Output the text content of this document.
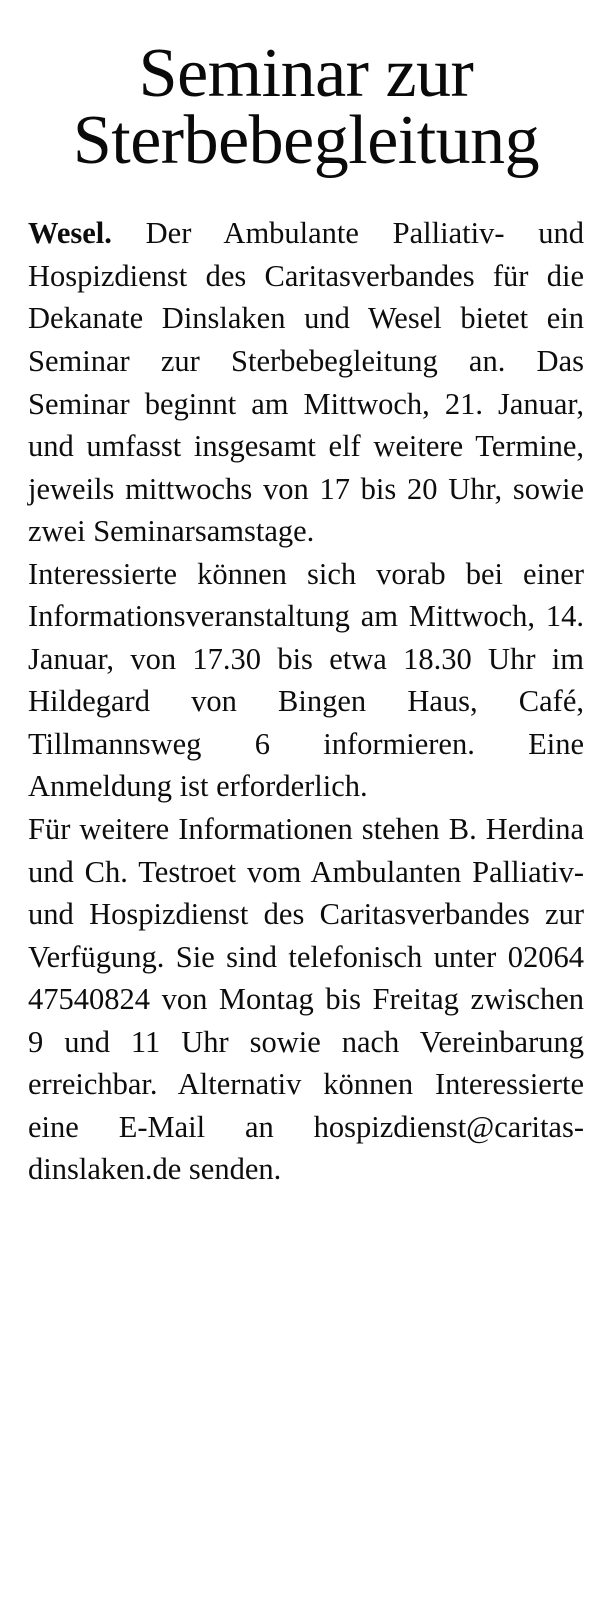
Seminar zur
Sterbebegleitung

Wesel. Der Ambulante Palliativ- und Hospizdienst des Caritasverbandes für die Dekanate Dinslaken und Wesel bietet ein Seminar zur Sterbebegleitung an. Das Seminar beginnt am Mittwoch, 21. Januar, und umfasst insgesamt elf weitere Termine, jeweils mittwochs von 17 bis 20 Uhr, sowie zwei Seminarsamstage.

Interessierte können sich vorab bei einer Informationsveranstaltung am Mittwoch, 14. Januar, von 17.30 bis etwa 18.30 Uhr im Hildegard von Bingen Haus, Café, Tillmannsweg 6 informieren. Eine Anmeldung ist erforderlich.

Für weitere Informationen stehen B. Herdina und Ch. Testroet vom Ambulanten Palliativ- und Hospizdienst des Caritasverbandes zur Verfügung. Sie sind telefonisch unter 02064 47540824 von Montag bis Freitag zwischen 9 und 11 Uhr sowie nach Vereinbarung erreichbar. Alternativ können Interessierte eine E-Mail an hospizdienst@caritas-dinslaken.de senden.
